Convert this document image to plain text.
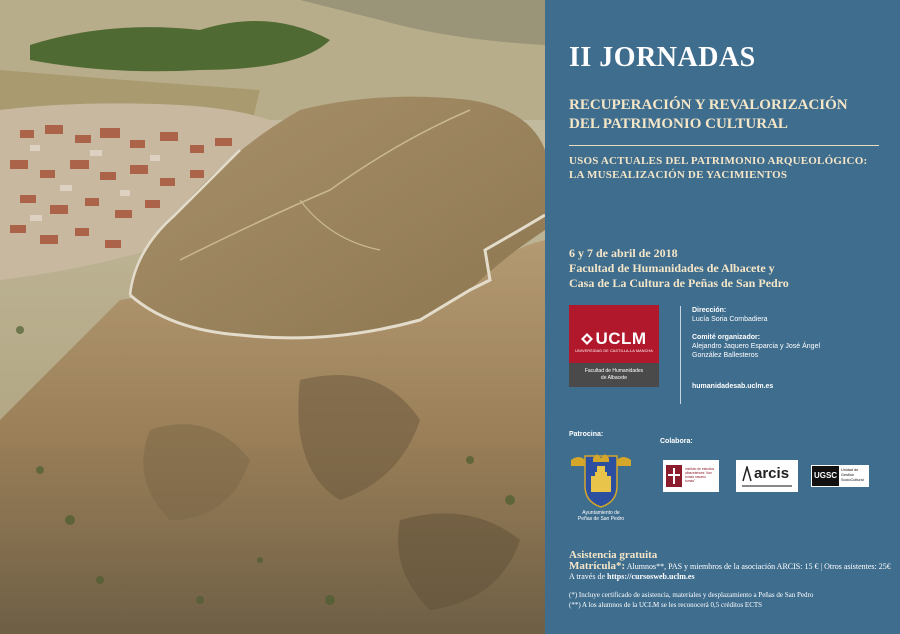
II JORNADAS
RECUPERACIÓN Y REVALORIZACIÓN
DEL PATRIMONIO CULTURAL
USOS ACTUALES DEL PATRIMONIO ARQUEOLÓGICO:
LA MUSEALIZACIÓN DE YACIMIENTOS
6 y 7 de abril de 2018
Facultad de Humanidades de Albacete y
Casa de La Cultura de Peñas de San Pedro
UCLM
UNIVERSIDAD DE CASTILLA-LA MANCHA
Facultad de Humanidades
de Albacete
Dirección:
Lucía Soria Combadiera
Comité organizador:
Alejandro Jaquero Esparcia y José Ángel
González Ballesteros
humanidadesab.uclm.es
Patrocina:
Ayuntamiento de
Peñas de San Pedro
Colabora:
instituto de estudios albacetenses "don tomás navarro tomás"	arcis	UGSC
Unidad de Gestión SocioCultural
Asistencia gratuita
Matrícula*: Alumnos**, PAS y miembros de la asociación ARCIS: 15 € | Otros asistentes: 25€
A través de https://cursosweb.uclm.es
(*) Incluye certificado de asistencia, materiales y desplazamiento a Peñas de San Pedro
(**) A los alumnos de la UCLM se les reconocerá 0,5 créditos ECTS
